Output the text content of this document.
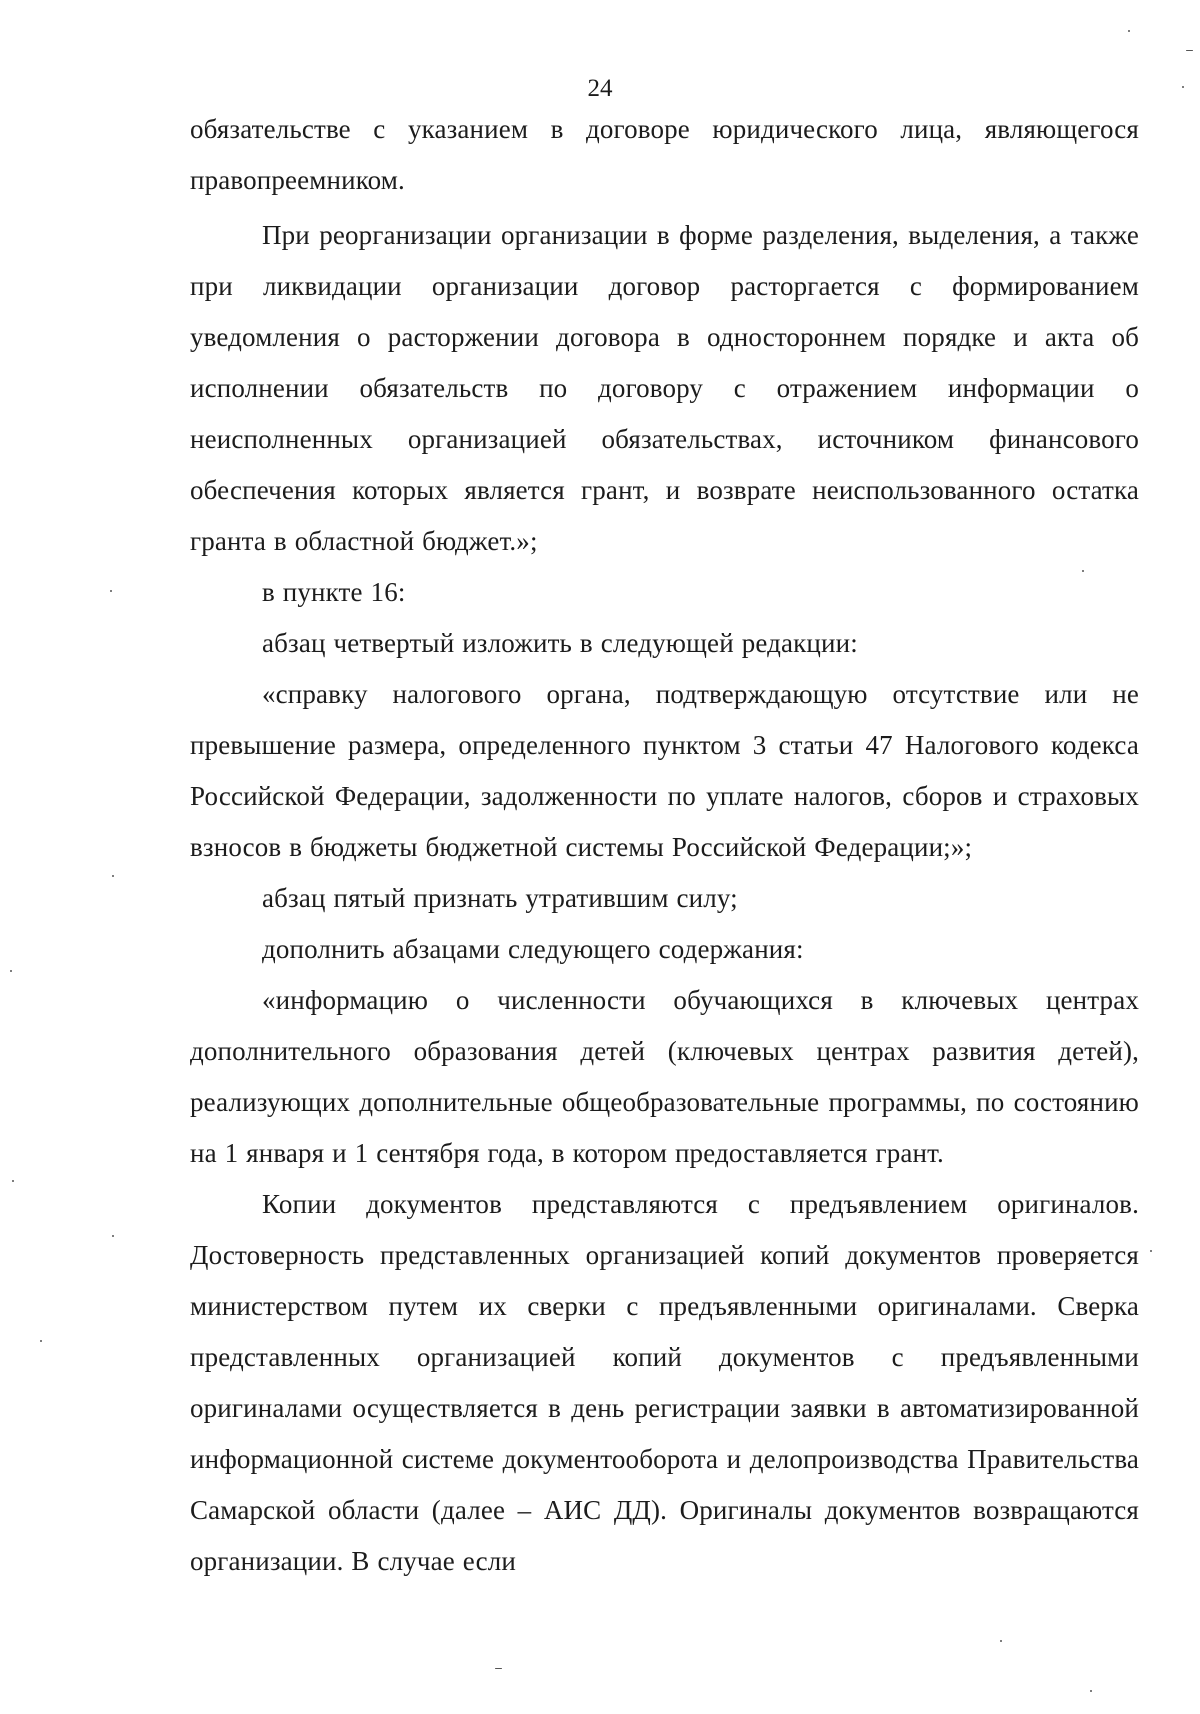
24

обязательстве с указанием в договоре юридического лица, являющегося правопреемником.

При реорганизации организации в форме разделения, выделения, а также при ликвидации организации договор расторгается с формированием уведомления о расторжении договора в одностороннем порядке и акта об исполнении обязательств по договору с отражением информации о неисполненных организацией обязательствах, источником финансового обеспечения которых является грант, и возврате неиспользованного остатка гранта в областной бюджет.»;

в пункте 16:

абзац четвертый изложить в следующей редакции:

«справку налогового органа, подтверждающую отсутствие или не превышение размера, определенного пунктом 3 статьи 47 Налогового кодекса Российской Федерации, задолженности по уплате налогов, сборов и страховых взносов в бюджеты бюджетной системы Российской Федерации;»;

абзац пятый признать утратившим силу;

дополнить абзацами следующего содержания:

«информацию о численности обучающихся в ключевых центрах дополнительного образования детей (ключевых центрах развития детей), реализующих дополнительные общеобразовательные программы, по состоянию на 1 января и 1 сентября года, в котором предоставляется грант.

Копии документов представляются с предъявлением оригиналов. Достоверность представленных организацией копий документов проверяется министерством путем их сверки с предъявленными оригиналами. Сверка представленных организацией копий документов с предъявленными оригиналами осуществляется в день регистрации заявки в автоматизированной информационной системе документооборота и делопроизводства Правительства Самарской области (далее – АИС ДД). Оригиналы документов возвращаются организации. В случае если
